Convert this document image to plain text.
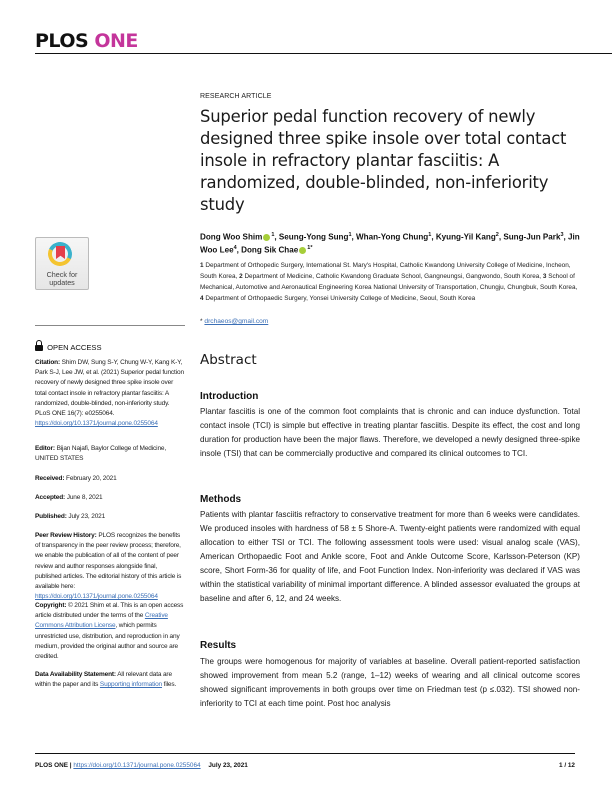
PLOS ONE
Check for
updates
OPEN ACCESS
Citation: Shim DW, Sung S-Y, Chung W-Y, Kang K-Y, Park S-J, Lee JW, et al. (2021) Superior pedal function recovery of newly designed three spike insole over total contact insole in refractory plantar fasciitis: A randomized, double-blinded, non-inferiority study. PLoS ONE 16(7): e0255064. https://doi.org/10.1371/journal.pone.0255064
Editor: Bijan Najafi, Baylor College of Medicine, UNITED STATES
Received: February 20, 2021
Accepted: June 8, 2021
Published: July 23, 2021
Peer Review History: PLOS recognizes the benefits of transparency in the peer review process; therefore, we enable the publication of all of the content of peer review and author responses alongside final, published articles. The editorial history of this article is available here: https://doi.org/10.1371/journal.pone.0255064
Copyright: © 2021 Shim et al. This is an open access article distributed under the terms of the Creative Commons Attribution License, which permits unrestricted use, distribution, and reproduction in any medium, provided the original author and source are credited.
Data Availability Statement: All relevant data are within the paper and its Supporting information files.
RESEARCH ARTICLE
Superior pedal function recovery of newly designed three spike insole over total contact insole in refractory plantar fasciitis: A randomized, double-blinded, non-inferiority study
Dong Woo Shim $^1$, Seung-Yong Sung$^1$, Whan-Yong Chung$^1$, Kyung-Yil Kang$^2$, Sung-Jun Park$^3$, Jin Woo Lee$^4$, Dong Sik Chae $^{1*}$
1 Department of Orthopedic Surgery, International St. Mary's Hospital, Catholic Kwandong University College of Medicine, Incheon, South Korea, 2 Department of Medicine, Catholic Kwandong Graduate School, Gangneungsi, Gangwondo, South Korea, 3 School of Mechanical, Automotive and Aeronautical Engineering Korea National University of Transportation, Chungju, Chungbuk, South Korea, 4 Department of Orthopaedic Surgery, Yonsei University College of Medicine, Seoul, South Korea
* drchaeos@gmail.com
Abstract
Introduction
Plantar fasciitis is one of the common foot complaints that is chronic and can induce dysfunction. Total contact insole (TCI) is simple but effective in treating plantar fasciitis. Despite its effect, the cost and long duration for production have been the major flaws. Therefore, we developed a newly designed three-spike insole (TSI) that can be commercially productive and compared its clinical outcomes to TCI.
Methods
Patients with plantar fasciitis refractory to conservative treatment for more than 6 weeks were candidates. We produced insoles with hardness of 58 ± 5 Shore-A. Twenty-eight patients were randomized with equal allocation to either TSI or TCI. The following assessment tools were used: visual analog scale (VAS), American Orthopaedic Foot and Ankle score, Foot and Ankle Outcome Score, Karlsson-Peterson (KP) score, Short Form-36 for quality of life, and Foot Function Index. Non-inferiority was declared if VAS was within the statistical variability of minimal important difference. A blinded assessor evaluated the groups at baseline and after 6, 12, and 24 weeks.
Results
The groups were homogenous for majority of variables at baseline. Overall patient-reported satisfaction showed improvement from mean 5.2 (range, 1–12) weeks of wearing and all clinical outcome scores showed significant improvements in both groups over time on Friedman test (p ≤.032). TSI showed non-inferiority to TCI at each time point. Post hoc analysis
PLOS ONE | https://doi.org/10.1371/journal.pone.0255064 July 23, 2021	1 / 12
